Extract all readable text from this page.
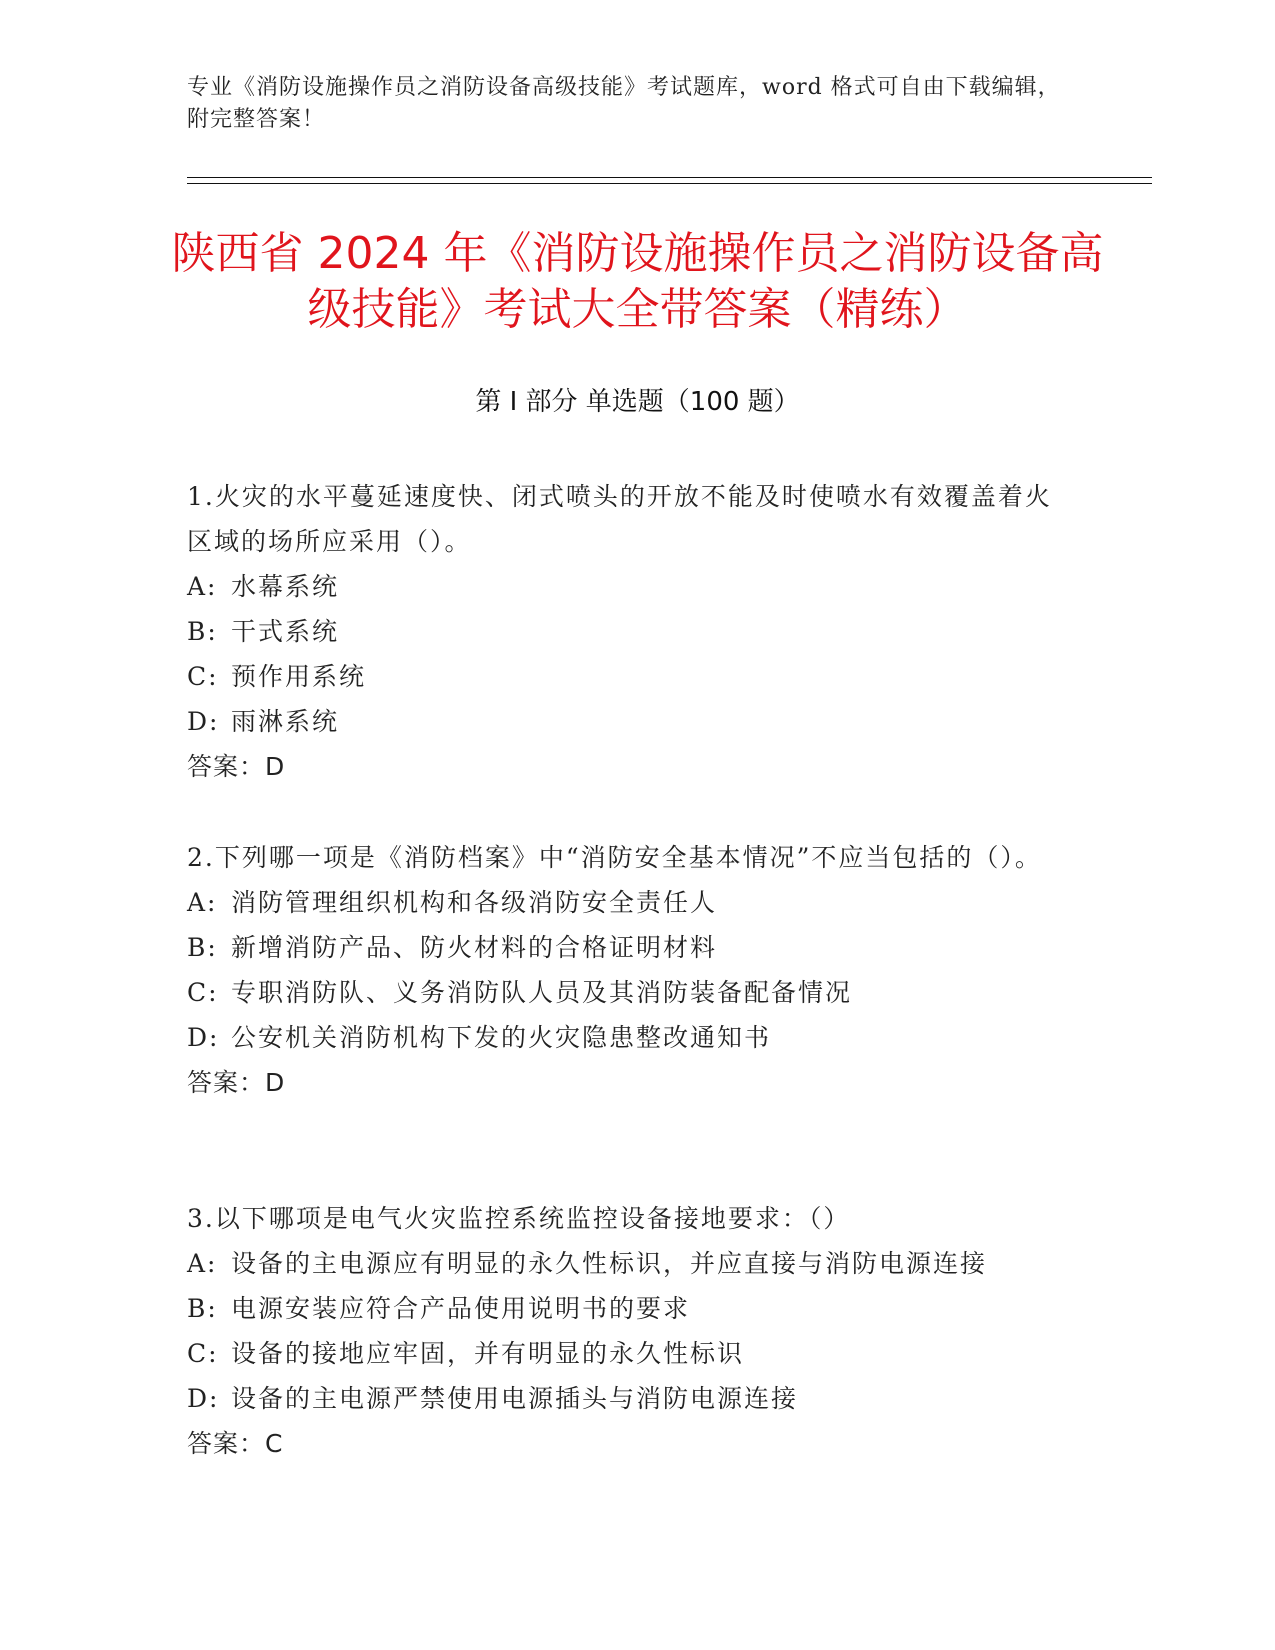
专业《消防设施操作员之消防设备高级技能》考试题库，word 格式可自由下载编辑，附完整答案！
陕西省 2024 年《消防设施操作员之消防设备高级技能》考试大全带答案（精练）
第 I 部分 单选题（100 题）
1.火灾的水平蔓延速度快、闭式喷头的开放不能及时使喷水有效覆盖着火区域的场所应采用（）。
A: 水幕系统
B: 干式系统
C: 预作用系统
D: 雨淋系统
答案：D
2.下列哪一项是《消防档案》中“消防安全基本情况”不应当包括的（）。
A: 消防管理组织机构和各级消防安全责任人
B: 新增消防产品、防火材料的合格证明材料
C: 专职消防队、义务消防队人员及其消防装备配备情况
D: 公安机关消防机构下发的火灾隐患整改通知书
答案：D
3.以下哪项是电气火灾监控系统监控设备接地要求：（）
A: 设备的主电源应有明显的永久性标识，并应直接与消防电源连接
B: 电源安装应符合产品使用说明书的要求
C: 设备的接地应牢固，并有明显的永久性标识
D: 设备的主电源严禁使用电源插头与消防电源连接
答案：C
